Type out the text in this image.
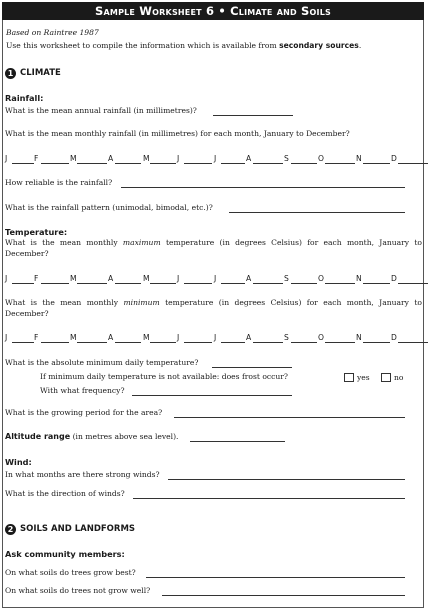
Sample Worksheet 6 • Climate and Soils
Based on Raintree 1987
Use this worksheet to compile the information which is available from secondary sources.
1 CLIMATE
Rainfall:
What is the mean annual rainfall (in millimetres)?
What is the mean monthly rainfall (in millimetres) for each month, January to December?
J	F	M	A	M	J	J	A	S	O	N	D
How reliable is the rainfall?
What is the rainfall pattern (unimodal, bimodal, etc.)?
Temperature:
What is the mean monthly maximum temperature (in degrees Celsius) for each month, January to December?
J	F	M	A	M	J	J	A	S	O	N	D
What is the mean monthly minimum temperature (in degrees Celsius) for each month, January to December?
J	F	M	A	M	J	J	A	S	O	N	D
What is the absolute minimum daily temperature?
If minimum daily temperature is not available: does frost occur?	yes	no
With what frequency?
What is the growing period for the area?
Altitude range (in metres above sea level).
Wind:
In what months are there strong winds?
What is the direction of winds?
2 SOILS AND LANDFORMS
Ask community members:
On what soils do trees grow best?
On what soils do trees not grow well?
